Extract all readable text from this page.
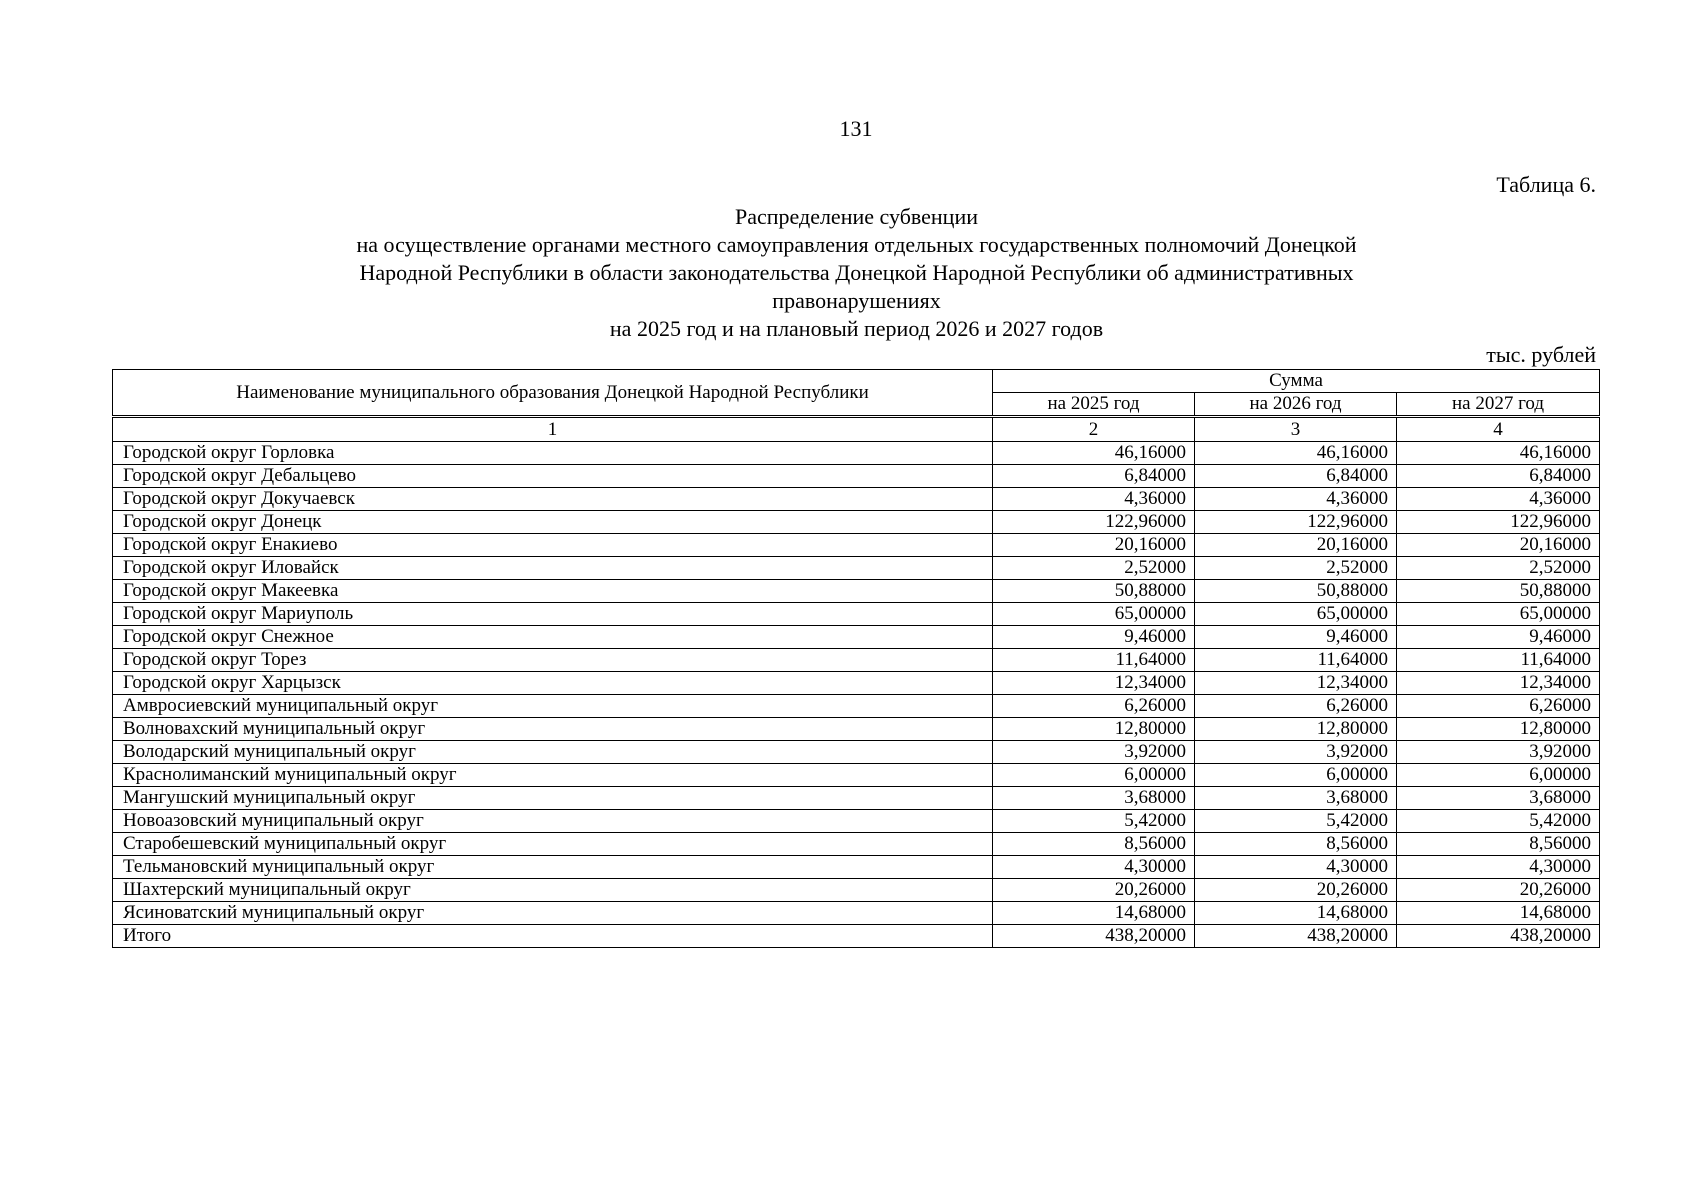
131
Таблица 6.
Распределение субвенции
на осуществление органами местного самоуправления отдельных государственных полномочий Донецкой
Народной Республики в области законодательства Донецкой Народной Республики об административных
правонарушениях
на 2025 год и на плановый период 2026 и 2027 годов
тыс. рублей
Наименование муниципального образования Донецкой Народной Республики	Сумма		
	на 2025 год	на 2026 год	на 2027 год
1	2	3	4
Городской округ Горловка	46,16000	46,16000	46,16000
Городской округ Дебальцево	6,84000	6,84000	6,84000
Городской округ Докучаевск	4,36000	4,36000	4,36000
Городской округ Донецк	122,96000	122,96000	122,96000
Городской округ Енакиево	20,16000	20,16000	20,16000
Городской округ Иловайск	2,52000	2,52000	2,52000
Городской округ Макеевка	50,88000	50,88000	50,88000
Городской округ Мариуполь	65,00000	65,00000	65,00000
Городской округ Снежное	9,46000	9,46000	9,46000
Городской округ Торез	11,64000	11,64000	11,64000
Городской округ Харцызск	12,34000	12,34000	12,34000
Амвросиевский муниципальный округ	6,26000	6,26000	6,26000
Волновахский муниципальный округ	12,80000	12,80000	12,80000
Володарский муниципальный округ	3,92000	3,92000	3,92000
Краснолиманский муниципальный округ	6,00000	6,00000	6,00000
Мангушский муниципальный округ	3,68000	3,68000	3,68000
Новоазовский муниципальный округ	5,42000	5,42000	5,42000
Старобешевский муниципальный округ	8,56000	8,56000	8,56000
Тельмановский муниципальный округ	4,30000	4,30000	4,30000
Шахтерский муниципальный округ	20,26000	20,26000	20,26000
Ясиноватский муниципальный округ	14,68000	14,68000	14,68000
Итого	438,20000	438,20000	438,20000
